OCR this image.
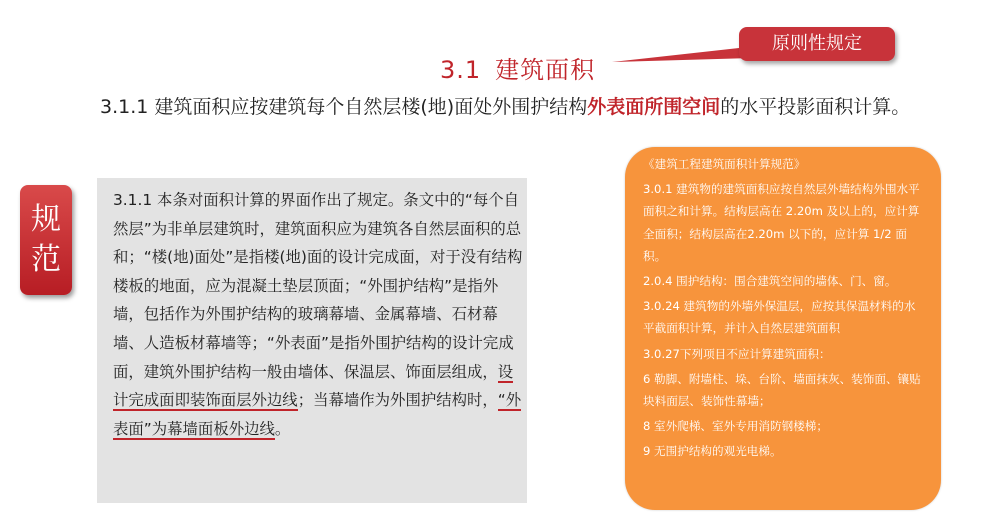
原则性规定
3.1 建筑面积
3.1.1 建筑面积应按建筑每个自然层楼(地)面处外围护结构外表面所围空间的水平投影面积计算。
规
范
3.1.1 本条对面积计算的界面作出了规定。条文中的“每个自然层”为非单层建筑时，建筑面积应为建筑各自然层面积的总和；“楼(地)面处”是指楼(地)面的设计完成面，对于没有结构楼板的地面，应为混凝土垫层顶面；“外围护结构”是指外墙，包括作为外围护结构的玻璃幕墙、金属幕墙、石材幕墙、人造板材幕墙等；“外表面”是指外围护结构的设计完成面，建筑外围护结构一般由墙体、保温层、饰面层组成，设计完成面即装饰面层外边线；当幕墙作为外围护结构时，“外表面”为幕墙面板外边线。
《建筑工程建筑面积计算规范》
3.0.1 建筑物的建筑面积应按自然层外墙结构外围水平面积之和计算。结构层高在 2.20m 及以上的，应计算全面积；结构层高在2.20m 以下的，应计算 1/2 面积。
2.0.4 围护结构：围合建筑空间的墙体、门、窗。
3.0.24 建筑物的外墙外保温层，应按其保温材料的水平截面积计算，并计入自然层建筑面积
3.0.27下列项目不应计算建筑面积：
6 勒脚、附墙柱、垛、台阶、墙面抹灰、装饰面、镶贴块料面层、装饰性幕墙；
8 室外爬梯、室外专用消防钢楼梯；
9 无围护结构的观光电梯。
